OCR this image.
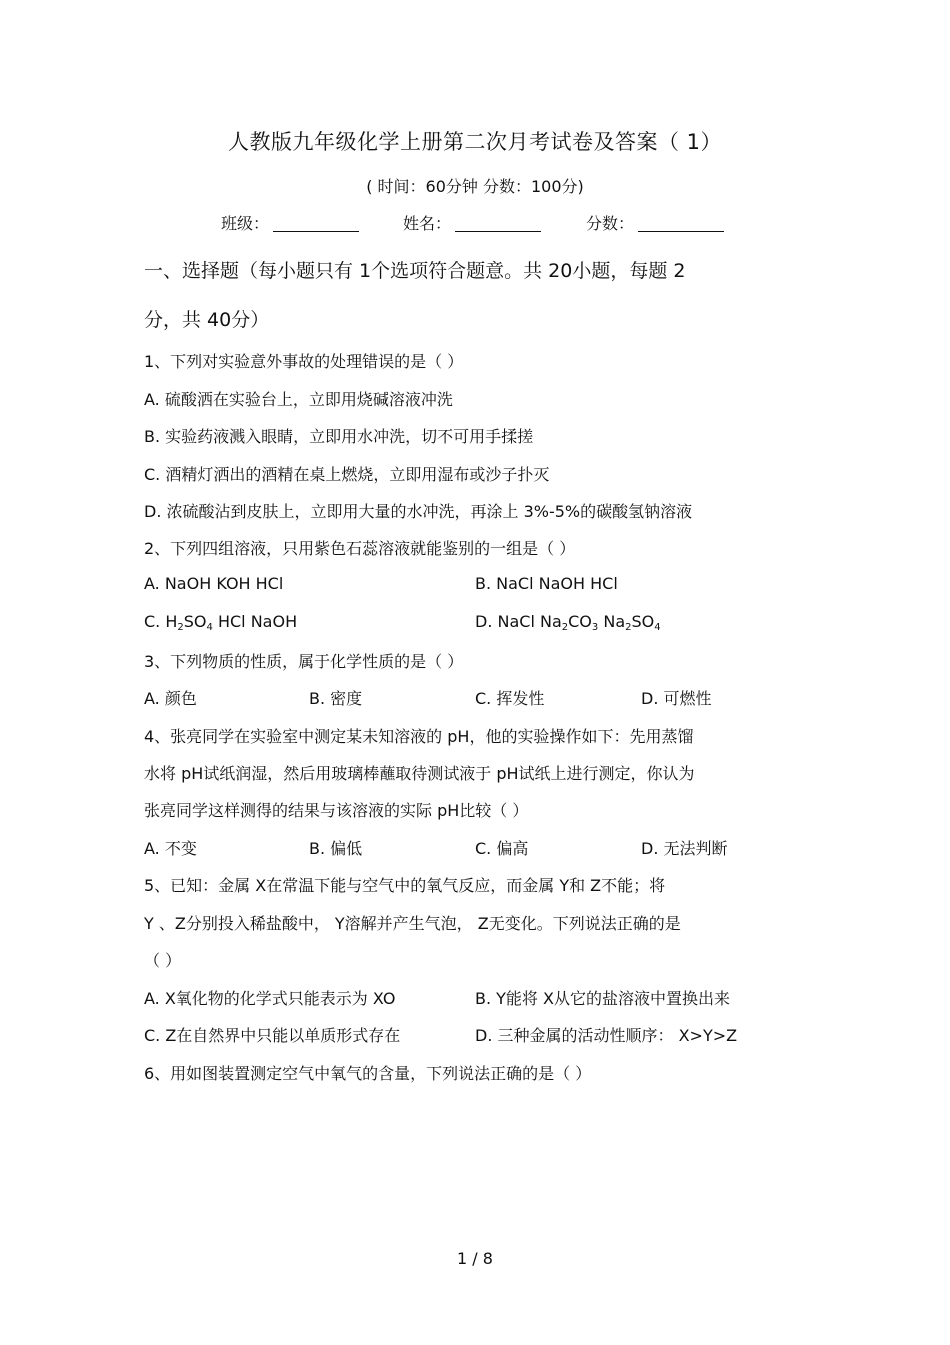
人教版九年级化学上册第二次月考试卷及答案（ 1）
( 时间：60分钟 分数：100分)
班级：	姓名：	分数：
一、选择题（每小题只有 1个选项符合题意。共 20小题，每题 2
分，共 40分）
1、下列对实验意外事故的处理错误的是（ ）
A. 硫酸洒在实验台上，立即用烧碱溶液冲洗
B. 实验药液溅入眼睛，立即用水冲洗，切不可用手揉搓
C. 酒精灯洒出的酒精在桌上燃烧，立即用湿布或沙子扑灭
D. 浓硫酸沾到皮肤上，立即用大量的水冲洗，再涂上 3%-5%的碳酸氢钠溶液
2、下列四组溶液，只用紫色石蕊溶液就能鉴别的一组是（ ）
A. NaOH KOH HCl	B. NaCl NaOH HCl
C. $H_2SO_4$ HCl NaOH	D. NaCl $Na_2CO_3$ $Na_2SO_4$
3、下列物质的性质，属于化学性质的是（ ）
A. 颜色	B. 密度	C. 挥发性	D. 可燃性
4、张亮同学在实验室中测定某未知溶液的 pH，他的实验操作如下：先用蒸馏
水将 pH试纸润湿，然后用玻璃棒蘸取待测试液于 pH试纸上进行测定，你认为
张亮同学这样测得的结果与该溶液的实际 pH比较（ ）
A. 不变	B. 偏低	C. 偏高	D. 无法判断
5、已知：金属 X在常温下能与空气中的氧气反应，而金属 Y和 Z不能；将
Y 、Z分别投入稀盐酸中， Y溶解并产生气泡， Z无变化。下列说法正确的是
（ ）
A. X氧化物的化学式只能表示为 XO	B. Y能将 X从它的盐溶液中置换出来
C. Z在自然界中只能以单质形式存在	D. 三种金属的活动性顺序： X>Y>Z
6、用如图装置测定空气中氧气的含量，下列说法正确的是（ ）
1 / 8
